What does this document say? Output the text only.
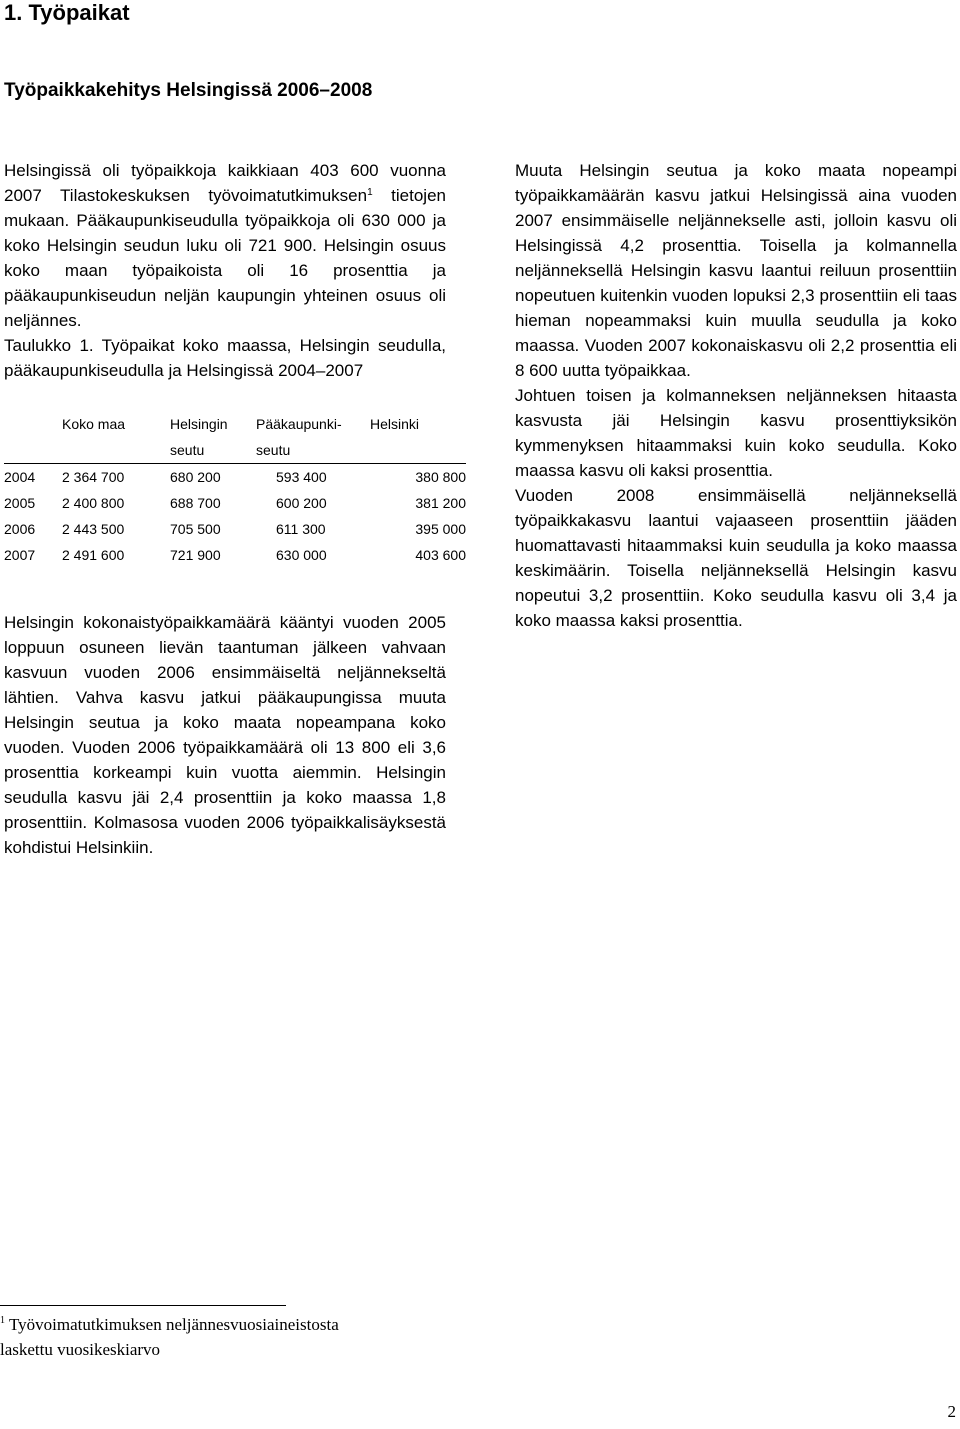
1. Työpaikat
Työpaikkakehitys Helsingissä 2006–2008

Helsingissä oli työpaikkoja kaikkiaan 403 600 vuonna 2007 Tilastokeskuksen työvoimatutkimuksen$^1$ tietojen mukaan. Pääkaupunkiseudulla työpaikkoja oli 630 000 ja koko Helsingin seudun luku oli 721 900. Helsingin osuus koko maan työpaikoista oli 16 prosenttia ja pääkaupunkiseudun neljän kaupungin yhteinen osuus oli neljännes.

Taulukko 1. Työpaikat koko maassa, Helsingin seudulla, pääkaupunkiseudulla ja Helsingissä 2004–2007

	Koko maa	Helsingin seutu	Pääkaupunki-seutu	Helsinki
2004	2 364 700	680 200	593 400	380 800
2005	2 400 800	688 700	600 200	381 200
2006	2 443 500	705 500	611 300	395 000
2007	2 491 600	721 900	630 000	403 600

Helsingin kokonaistyöpaikkamäärä kääntyi vuoden 2005 loppuun osuneen lievän taantuman jälkeen vahvaan kasvuun vuoden 2006 ensimmäiseltä neljännekseltä lähtien. Vahva kasvu jatkui pääkaupungissa muuta Helsingin seutua ja koko maata nopeampana koko vuoden. Vuoden 2006 työpaikkamäärä oli 13 800 eli 3,6 prosenttia korkeampi kuin vuotta aiemmin. Helsingin seudulla kasvu jäi 2,4 prosenttiin ja koko maassa 1,8 prosenttiin. Kolmasosa vuoden 2006 työpaikkalisäyksestä kohdistui Helsinkiin.

Muuta Helsingin seutua ja koko maata nopeampi työpaikkamäärän kasvu jatkui Helsingissä aina vuoden 2007 ensimmäiselle neljännekselle asti, jolloin kasvu oli Helsingissä 4,2 prosenttia. Toisella ja kolmannella neljänneksellä Helsingin kasvu laantui reiluun prosenttiin nopeutuen kuitenkin vuoden lopuksi 2,3 prosenttiin eli taas hieman nopeammaksi kuin muulla seudulla ja koko maassa. Vuoden 2007 kokonaiskasvu oli 2,2 prosenttia eli 8 600 uutta työpaikkaa.

Johtuen toisen ja kolmanneksen neljänneksen hitaasta kasvusta jäi Helsingin kasvu prosenttiyksikön kymmenyksen hitaammaksi kuin koko seudulla. Koko maassa kasvu oli kaksi prosenttia.

Vuoden 2008 ensimmäisellä neljänneksellä työpaikkakasvu laantui vajaaseen prosenttiin jääden huomattavasti hitaammaksi kuin seudulla ja koko maassa keskimäärin. Toisella neljänneksellä Helsingin kasvu nopeutui 3,2 prosenttiin. Koko seudulla kasvu oli 3,4 ja koko maassa kaksi prosenttia.

$^1$ Työvoimatutkimuksen neljännesvuosiaineistosta
laskettu vuosikeskiarvo
2
